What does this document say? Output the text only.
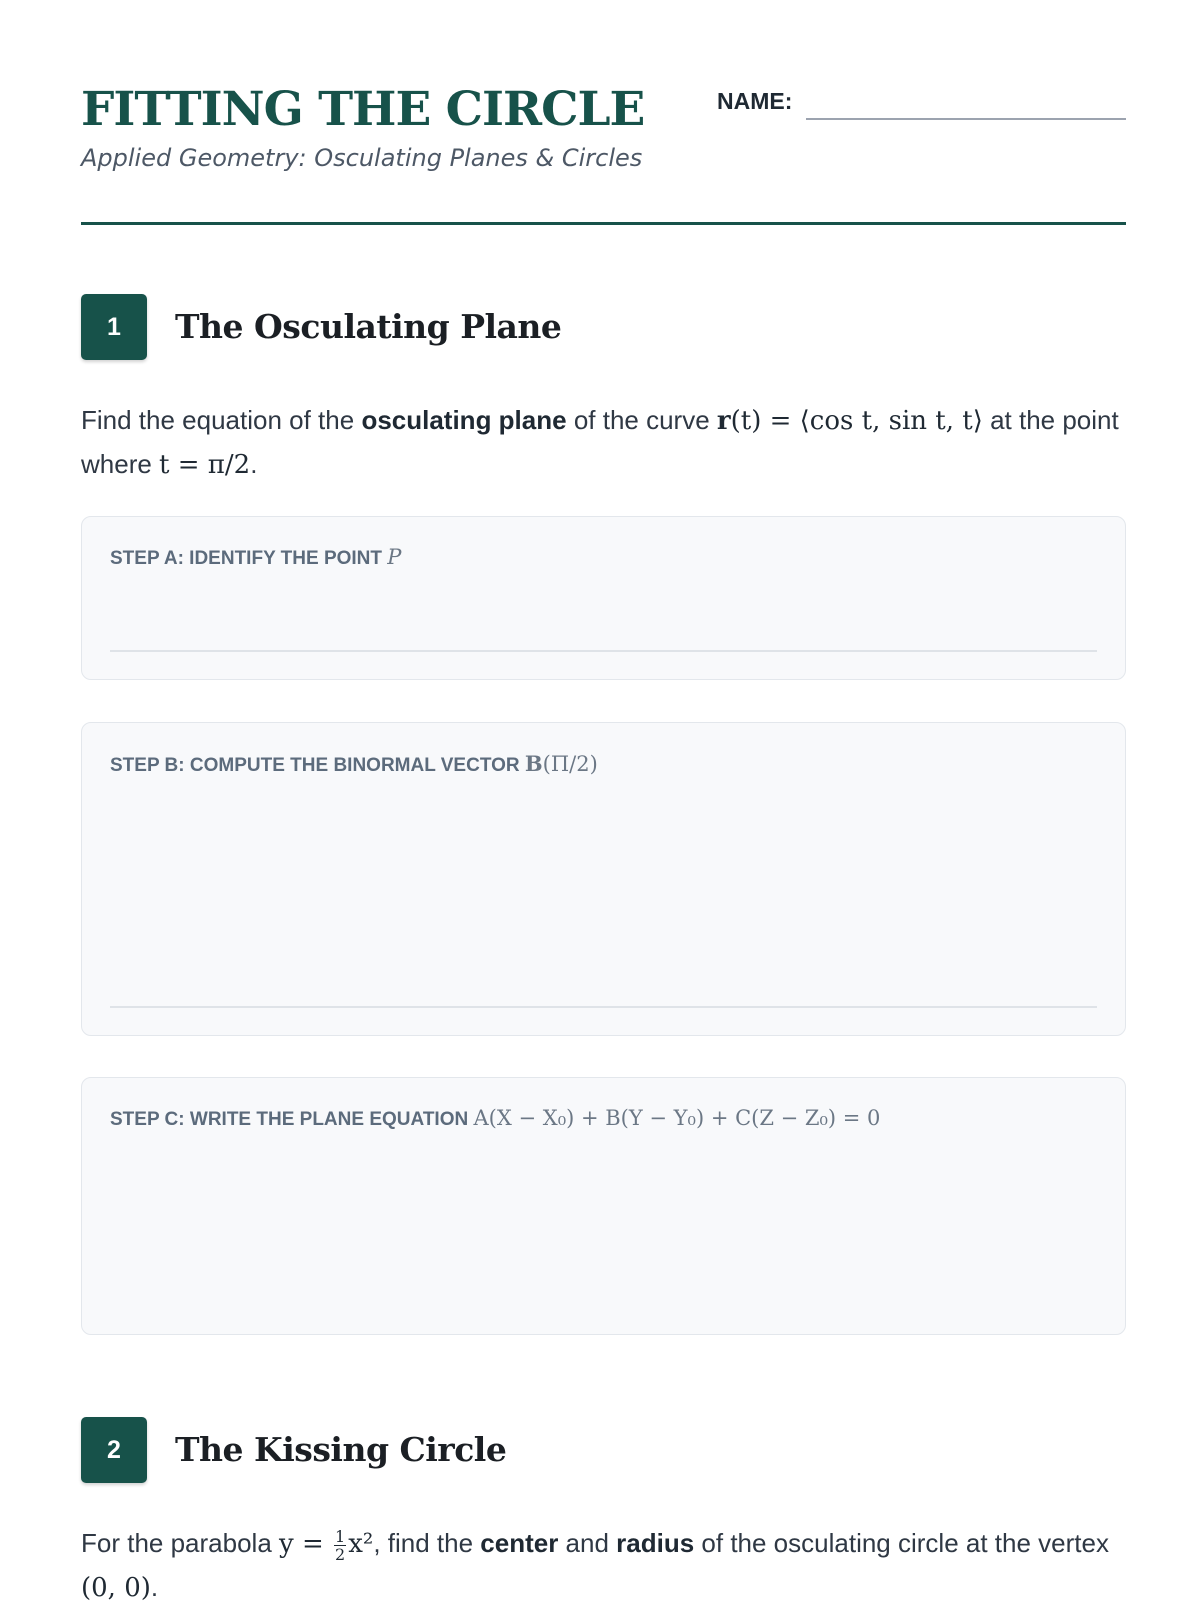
FITTING THE CIRCLE
Applied Geometry: Osculating Planes & Circles
NAME:
1	The Osculating Plane
Find the equation of the osculating plane of the curve r(t) = ⟨cos t, sin t, t⟩ at the point where t = π/2.
STEP A: IDENTIFY THE POINT P
STEP B: COMPUTE THE BINORMAL VECTOR B(Π/2)
STEP C: WRITE THE PLANE EQUATION A(X − X₀) + B(Y − Y₀) + C(Z − Z₀) = 0
2	The Kissing Circle
For the parabola $y = \frac{1}{2} x^2$, find the center and radius of the osculating circle at the vertex (0, 0).
